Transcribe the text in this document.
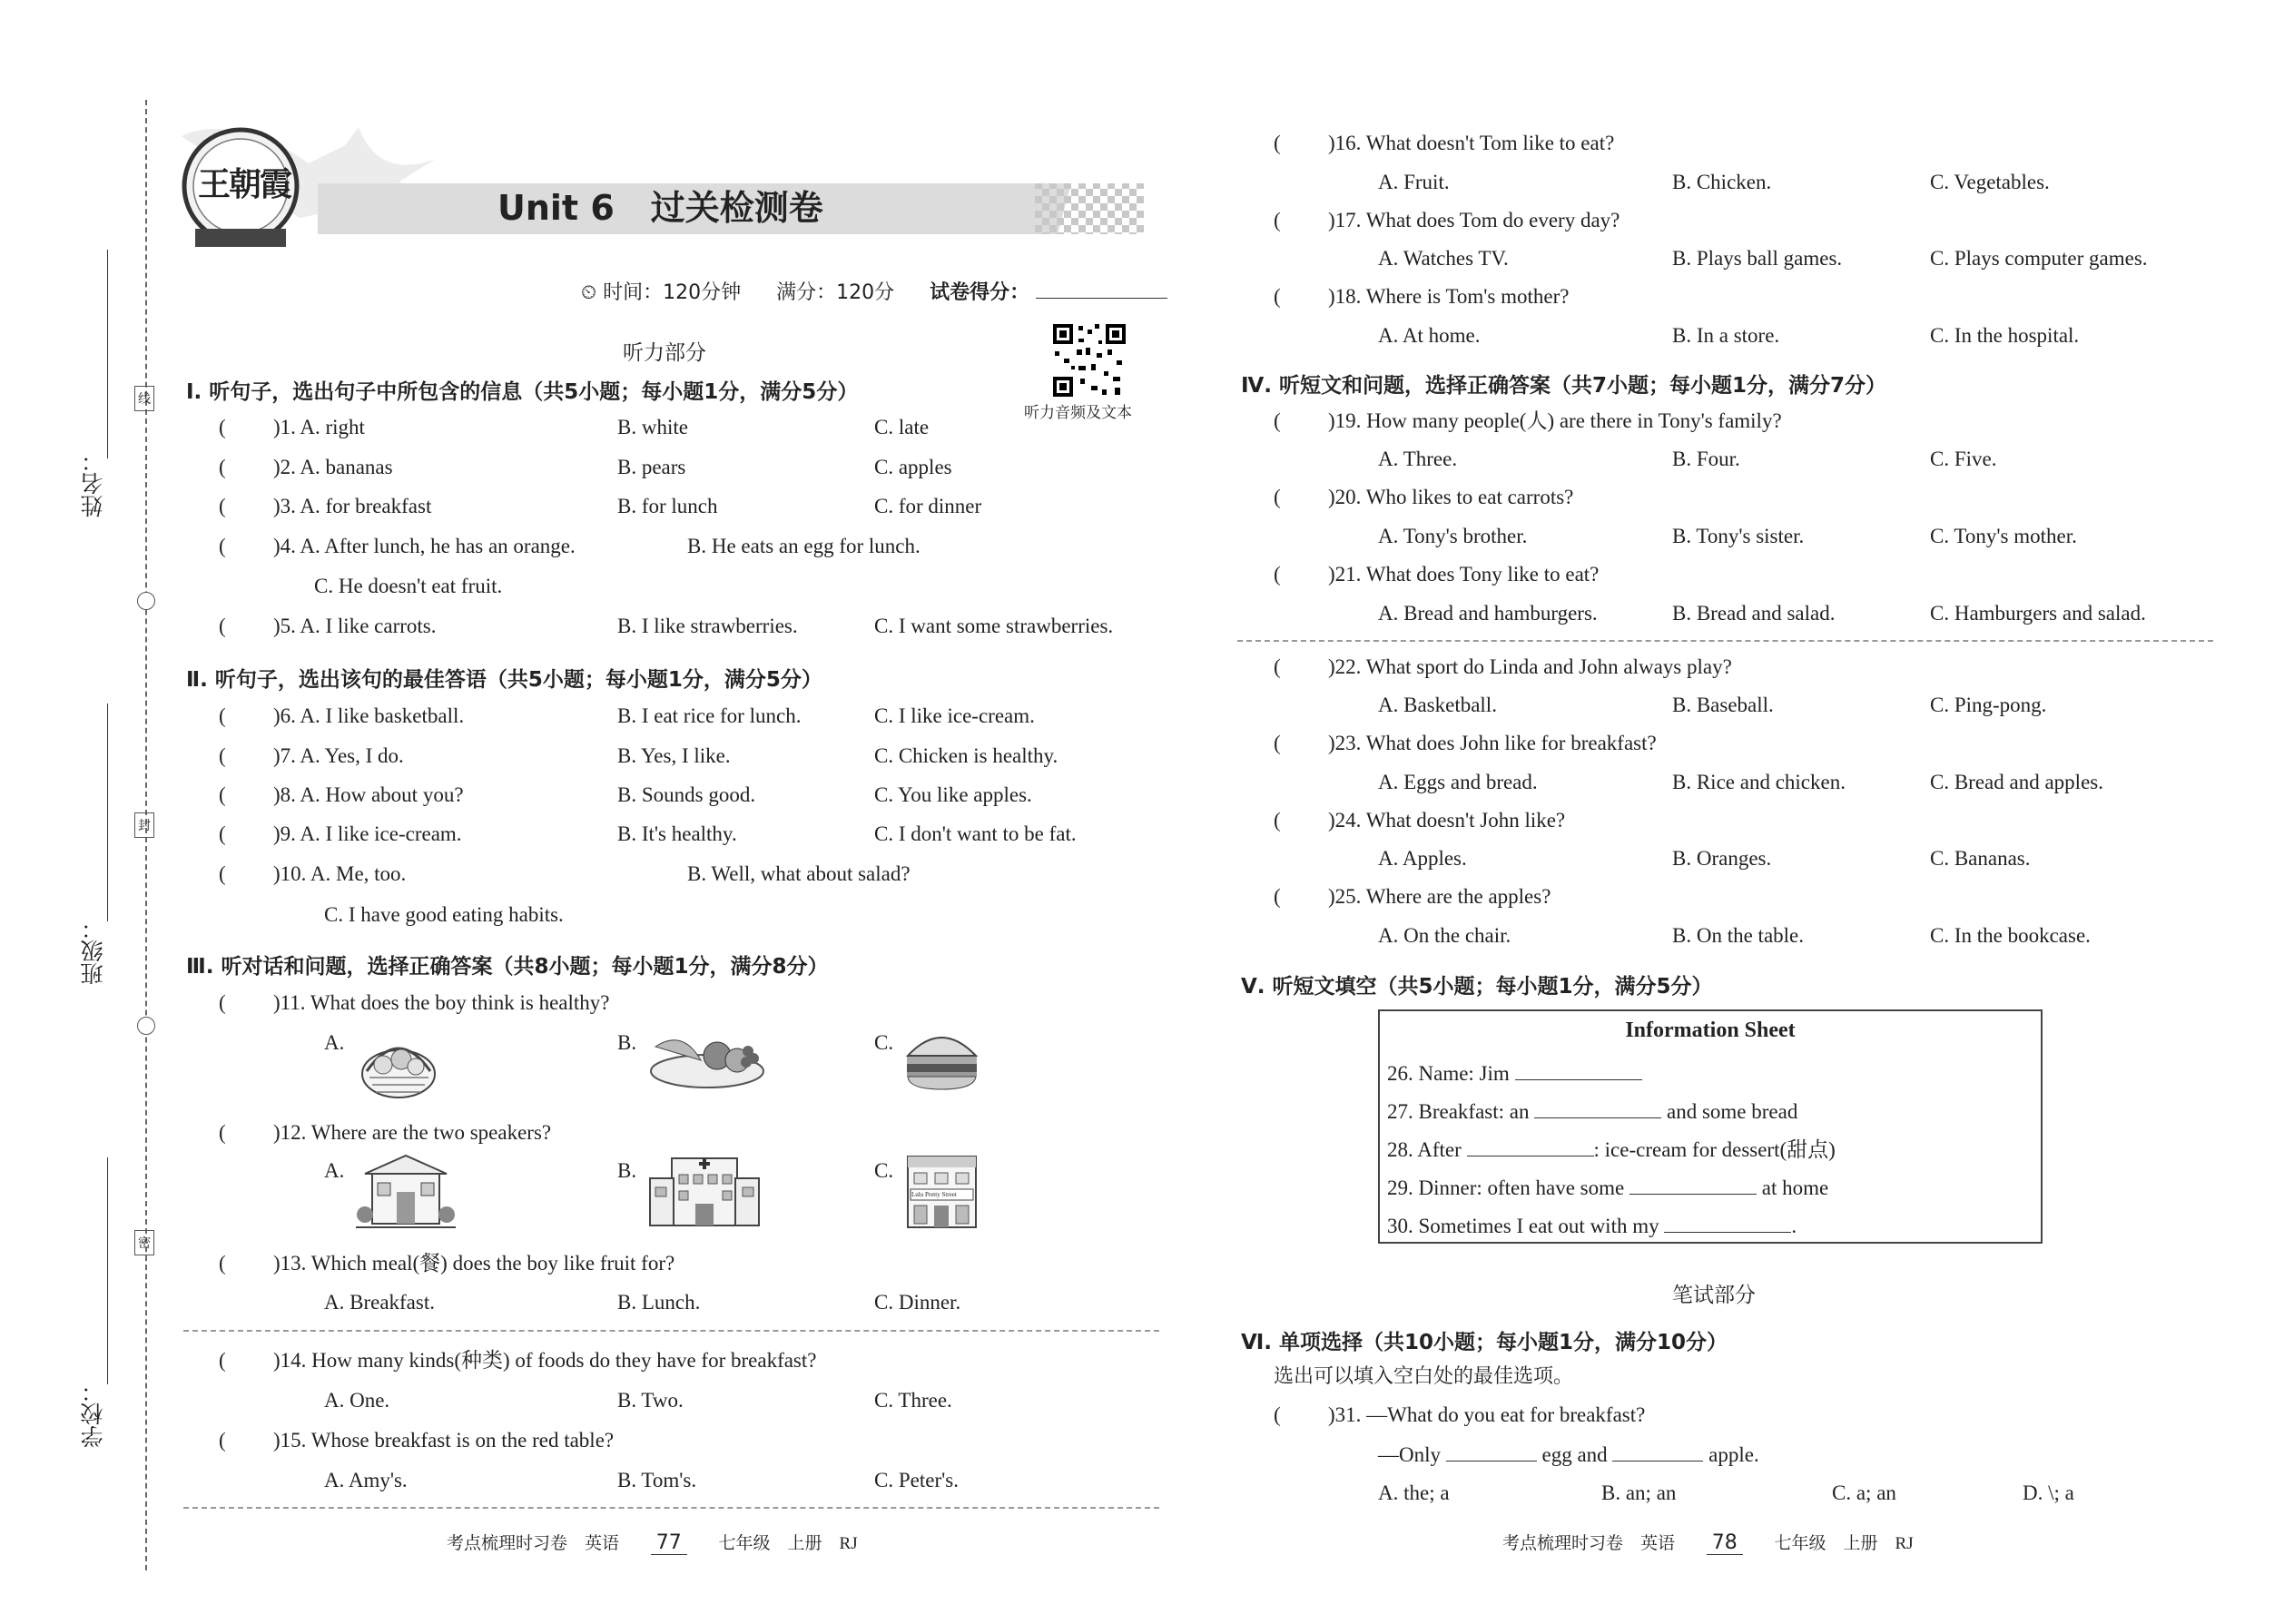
姓名：
线
班级：
封
学校：
密
王朝霞
Unit 6 过关检测卷
⏲ 时间：120分钟 满分：120分 试卷得分：
听力部分
听力音频及文本
Ⅰ. 听句子，选出句子中所包含的信息（共5小题；每小题1分，满分5分）
( )1. A. right	B. white	C. late
( )2. A. bananas	B. pears	C. apples
( )3. A. for breakfast	B. for lunch	C. for dinner
( )4. A. After lunch, he has an orange.	B. He eats an egg for lunch.
C. He doesn't eat fruit.
( )5. A. I like carrots.	B. I like strawberries.	C. I want some strawberries.
Ⅱ. 听句子，选出该句的最佳答语（共5小题；每小题1分，满分5分）
( )6. A. I like basketball.	B. I eat rice for lunch.	C. I like ice-cream.
( )7. A. Yes, I do.	B. Yes, I like.	C. Chicken is healthy.
( )8. A. How about you?	B. Sounds good.	C. You like apples.
( )9. A. I like ice-cream.	B. It's healthy.	C. I don't want to be fat.
( )10. A. Me, too.	B. Well, what about salad?
C. I have good eating habits.
Ⅲ. 听对话和问题，选择正确答案（共8小题；每小题1分，满分8分）
( )11. What does the boy think is healthy?
A.	B.	C.
( )12. Where are the two speakers?
A.	B.	C.
Lulu Pretty Street
( )13. Which meal(餐) does the boy like fruit for?
A. Breakfast.	B. Lunch.	C. Dinner.
( )14. How many kinds(种类) of foods do they have for breakfast?
A. One.	B. Two.	C. Three.
( )15. Whose breakfast is on the red table?
A. Amy's.	B. Tom's.	C. Peter's.
考点梳理时习卷　英语 77 七年级　上册　RJ
( )16. What doesn't Tom like to eat?
A. Fruit.	B. Chicken.	C. Vegetables.
( )17. What does Tom do every day?
A. Watches TV.	B. Plays ball games.	C. Plays computer games.
( )18. Where is Tom's mother?
A. At home.	B. In a store.	C. In the hospital.
Ⅳ. 听短文和问题，选择正确答案（共7小题；每小题1分，满分7分）
( )19. How many people(人) are there in Tony's family?
A. Three.	B. Four.	C. Five.
( )20. Who likes to eat carrots?
A. Tony's brother.	B. Tony's sister.	C. Tony's mother.
( )21. What does Tony like to eat?
A. Bread and hamburgers.	B. Bread and salad.	C. Hamburgers and salad.
( )22. What sport do Linda and John always play?
A. Basketball.	B. Baseball.	C. Ping-pong.
( )23. What does John like for breakfast?
A. Eggs and bread.	B. Rice and chicken.	C. Bread and apples.
( )24. What doesn't John like?
A. Apples.	B. Oranges.	C. Bananas.
( )25. Where are the apples?
A. On the chair.	B. On the table.	C. In the bookcase.
Ⅴ. 听短文填空（共5小题；每小题1分，满分5分）
Information Sheet
26. Name: Jim
27. Breakfast: an	and some bread
28. After	: ice-cream for dessert(甜点)
29. Dinner: often have some	at home
30. Sometimes I eat out with my	.
笔试部分
Ⅵ. 单项选择（共10小题；每小题1分，满分10分）
选出可以填入空白处的最佳选项。
( )31. —What do you eat for breakfast?
—Only	egg and	apple.
A. the; a	B. an; an	C. a; an	D. \; a
考点梳理时习卷　英语 78 七年级　上册　RJ
